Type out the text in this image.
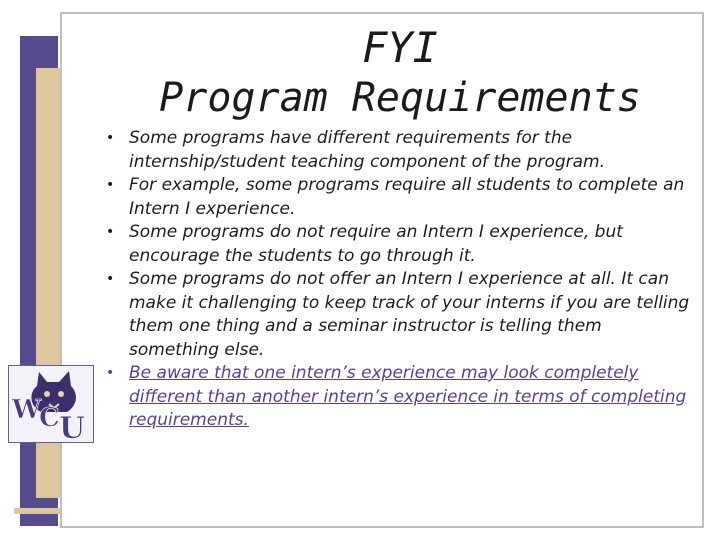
W
C U
FYI
Program Requirements
• Some programs have different requirements for the internship/student teaching component of the program.
• For example, some programs require all students to complete an Intern I experience.
• Some programs do not require an Intern I experience, but encourage the students to go through it.
• Some programs do not offer an Intern I experience at all. It can make it challenging to keep track of your interns if you are telling them one thing and a seminar instructor is telling them something else.
• Be aware that one intern’s experience may look completely different than another intern’s experience in terms of completing requirements.
